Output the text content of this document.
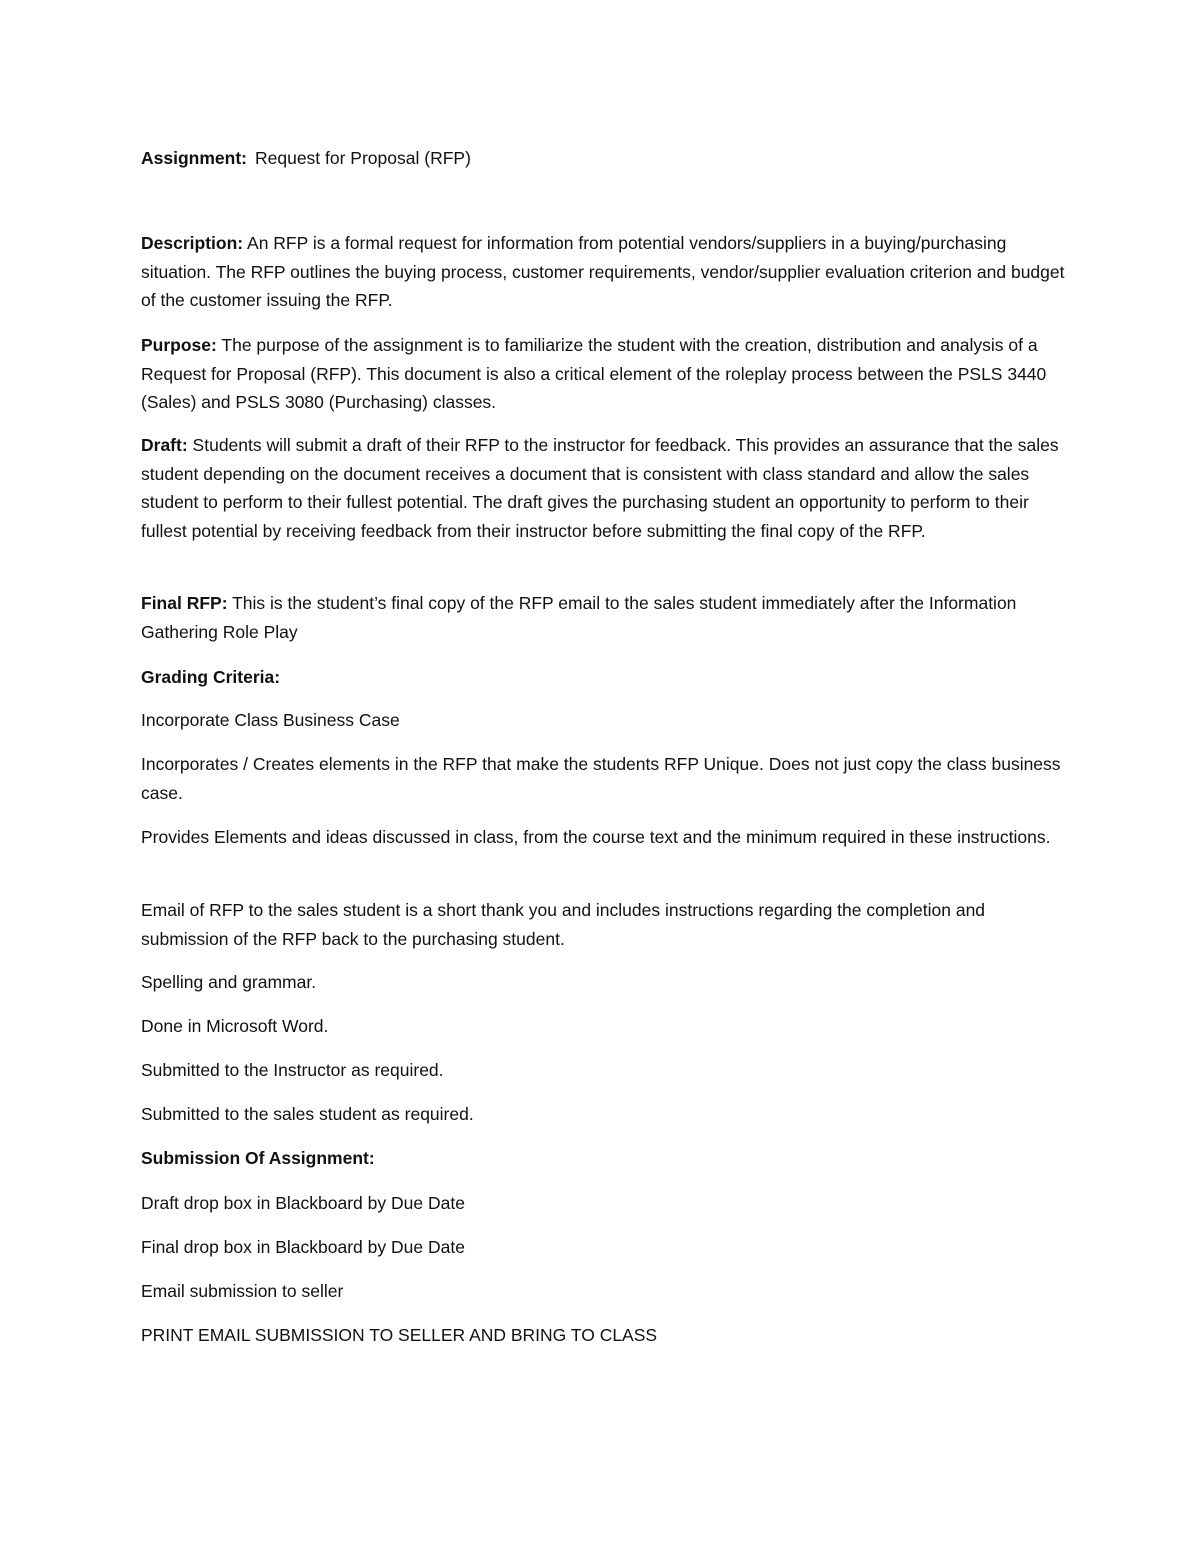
Assignment: Request for Proposal (RFP)

Description: An RFP is a formal request for information from potential vendors/suppliers in a buying/purchasing situation. The RFP outlines the buying process, customer requirements, vendor/supplier evaluation criterion and budget of the customer issuing the RFP.

Purpose: The purpose of the assignment is to familiarize the student with the creation, distribution and analysis of a Request for Proposal (RFP). This document is also a critical element of the roleplay process between the PSLS 3440 (Sales) and PSLS 3080 (Purchasing) classes.

Draft: Students will submit a draft of their RFP to the instructor for feedback. This provides an assurance that the sales student depending on the document receives a document that is consistent with class standard and allow the sales student to perform to their fullest potential. The draft gives the purchasing student an opportunity to perform to their fullest potential by receiving feedback from their instructor before submitting the final copy of the RFP.

Final RFP: This is the student’s final copy of the RFP email to the sales student immediately after the Information Gathering Role Play

Grading Criteria:

Incorporate Class Business Case

Incorporates / Creates elements in the RFP that make the students RFP Unique. Does not just copy the class business case.

Provides Elements and ideas discussed in class, from the course text and the minimum required in these instructions.

Email of RFP to the sales student is a short thank you and includes instructions regarding the completion and submission of the RFP back to the purchasing student.

Spelling and grammar.

Done in Microsoft Word.

Submitted to the Instructor as required.

Submitted to the sales student as required.

Submission Of Assignment:

Draft drop box in Blackboard by Due Date

Final drop box in Blackboard by Due Date

Email submission to seller

PRINT EMAIL SUBMISSION TO SELLER AND BRING TO CLASS
